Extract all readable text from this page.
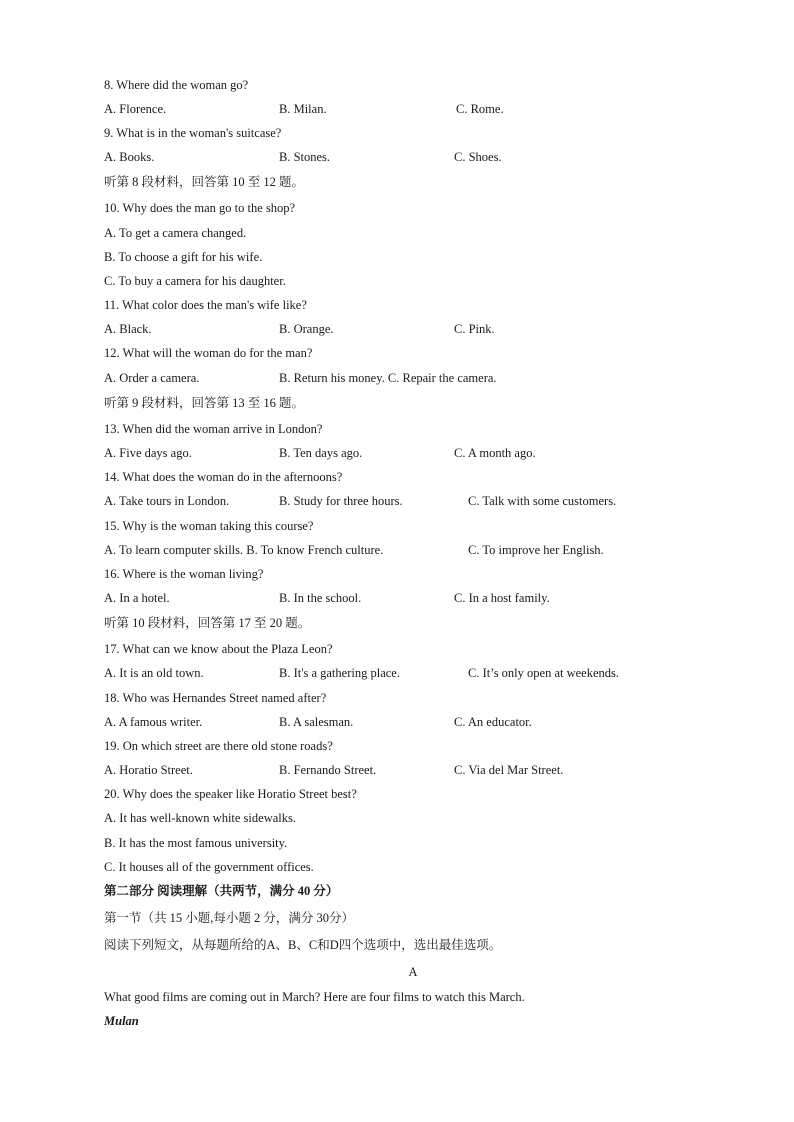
8. Where did the woman go?
A. Florence.	B. Milan.	C. Rome.
9. What is in the woman's suitcase?
A. Books.	B. Stones.	C. Shoes.
听第 8 段材料，回答第 10 至 12 题。
10. Why does the man go to the shop?
A. To get a camera changed.
B. To choose a gift for his wife.
C. To buy a camera for his daughter.
11. What color does the man's wife like?
A. Black.	B. Orange.	C. Pink.
12. What will the woman do for the man?
A. Order a camera.	B. Return his money. C. Repair the camera.
听第 9 段材料，回答第 13 至 16 题。
13. When did the woman arrive in London?
A. Five days ago.	B. Ten days ago.	C. A month ago.
14. What does the woman do in the afternoons?
A. Take tours in London.	B. Study for three hours.	C. Talk with some customers.
15. Why is the woman taking this course?
A. To learn computer skills. B. To know French culture.	C. To improve her English.
16. Where is the woman living?
A. In a hotel.	B. In the school.	C. In a host family.
听第 10 段材料，回答第 17 至 20 题。
17. What can we know about the Plaza Leon?
A. It is an old town.	B. It's a gathering place.	C. It’s only open at weekends.
18. Who was Hernandes Street named after?
A. A famous writer.	B. A salesman.	C. An educator.
19. On which street are there old stone roads?
A. Horatio Street.	B. Fernando Street.	C. Via del Mar Street.
20. Why does the speaker like Horatio Street best?
A. It has well-known white sidewalks.
B. It has the most famous university.
C. It houses all of the government offices.
第二部分 阅读理解（共两节，满分 40 分）
第一节（共 15 小题,每小题 2 分，满分 30分）
阅读下列短文，从每题所给的A、B、C和D四个选项中，选出最佳选项。
A
What good films are coming out in March? Here are four films to watch this March.
Mulan
